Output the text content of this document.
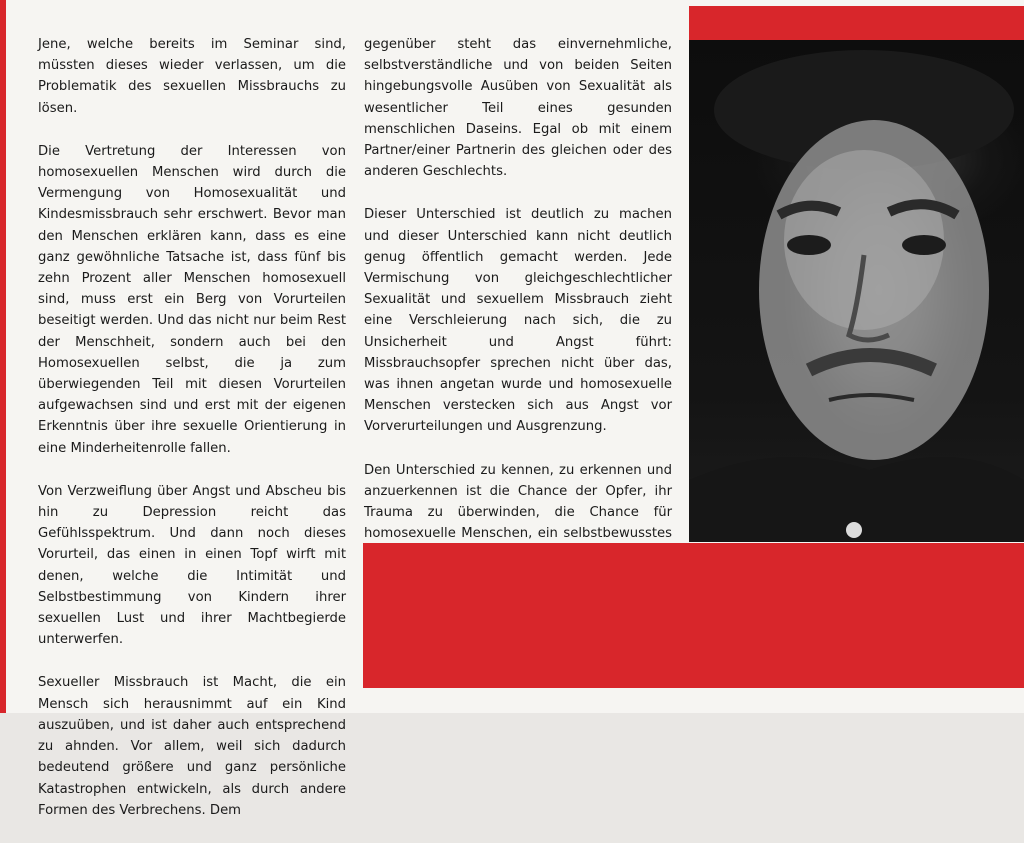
Jene, welche bereits im Seminar sind, müssten dieses wieder verlassen, um die Problematik des sexuellen Missbrauchs zu lösen.

Die Vertretung der Interessen von homosexuellen Menschen wird durch die Vermengung von Homosexualität und Kindesmissbrauch sehr erschwert. Bevor man den Menschen erklären kann, dass es eine ganz gewöhnliche Tatsache ist, dass fünf bis zehn Prozent aller Menschen homosexuell sind, muss erst ein Berg von Vorurteilen beseitigt werden. Und das nicht nur beim Rest der Menschheit, sondern auch bei den Homosexuellen selbst, die ja zum überwiegenden Teil mit diesen Vorurteilen aufgewachsen sind und erst mit der eigenen Erkenntnis über ihre sexuelle Orientierung in eine Minderheitenrolle fallen.

Von Verzweiflung über Angst und Abscheu bis hin zu Depression reicht das Gefühlsspektrum. Und dann noch dieses Vorurteil, das einen in einen Topf wirft mit denen, welche die Intimität und Selbstbestimmung von Kindern ihrer sexuellen Lust und ihrer Machtbegierde unterwerfen.

Sexueller Missbrauch ist Macht, die ein Mensch sich herausnimmt auf ein Kind auszuüben, und ist daher auch entsprechend zu ahnden. Vor allem, weil sich dadurch bedeutend größere und ganz persönliche Katastrophen entwickeln, als durch andere Formen des Verbrechens. Dem

gegenüber steht das einvernehmliche, selbstverständliche und von beiden Seiten hingebungsvolle Ausüben von Sexualität als wesentlicher Teil eines gesunden menschlichen Daseins. Egal ob mit einem Partner/einer Partnerin des gleichen oder des anderen Geschlechts.

Dieser Unterschied ist deutlich zu machen und dieser Unterschied kann nicht deutlich genug öffentlich gemacht werden. Jede Vermischung von gleichgeschlechtlicher Sexualität und sexuellem Missbrauch zieht eine Verschleierung nach sich, die zu Unsicherheit und Angst führt: Missbrauchsopfer sprechen nicht über das, was ihnen angetan wurde und homosexuelle Menschen verstecken sich aus Angst vor Vorverurteilungen und Ausgrenzung.

Den Unterschied zu kennen, zu erkennen und anzuerkennen ist die Chance der Opfer, ihr Trauma zu überwinden, die Chance für homosexuelle Menschen, ein selbstbewusstes
